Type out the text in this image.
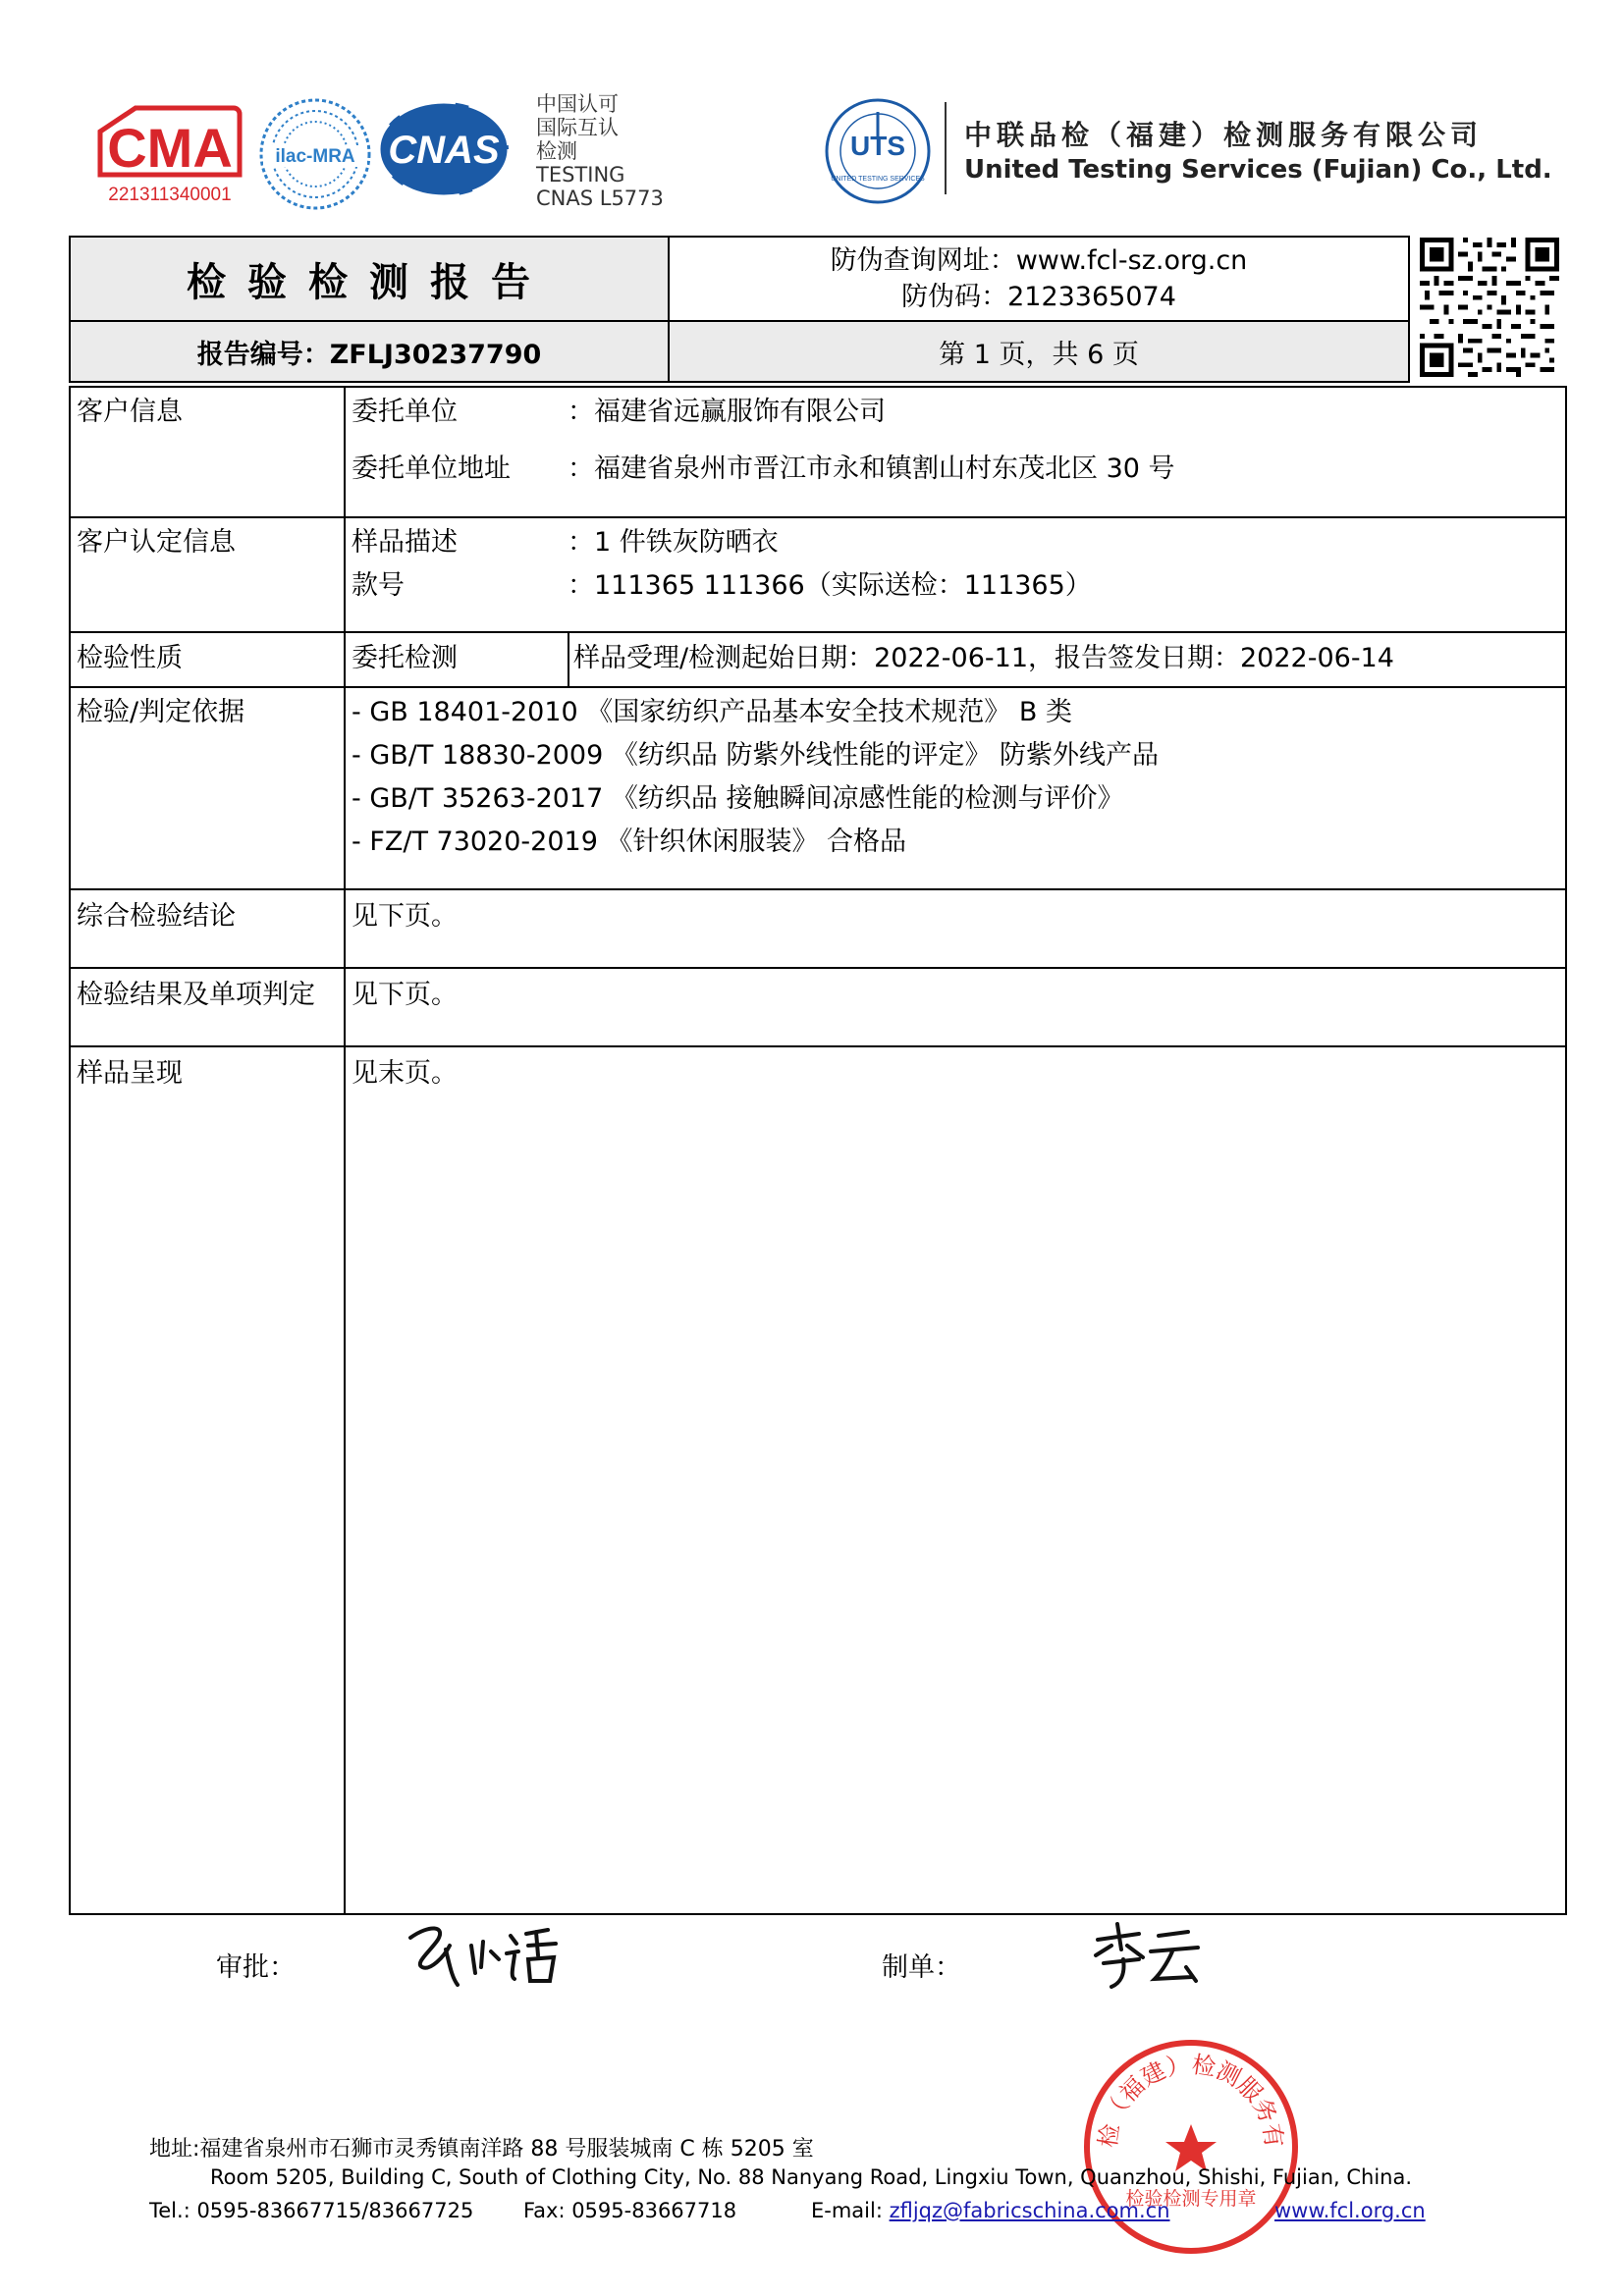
CMA
221311340001
ilac-MRA CNAS
中国认可
国际互认
检测
TESTING
CNAS L5773
UTS
UNITED TESTING SERVICES
中联品检（福建）检测服务有限公司
United Testing Services (Fujian) Co., Ltd.
检验检测报告	防伪查询网址：www.fcl-sz.org.cn
防伪码：2123365074
报告编号：ZFLJ30237790	第 1 页，共 6 页
客户信息	委托单位	：福建省远赢服饰有限公司
委托单位地址 ：福建省泉州市晋江市永和镇割山村东茂北区 30 号
客户认定信息	样品描述	：1 件铁灰防晒衣
款号	：111365 111366（实际送检：111365）
检验性质	委托检测	样品受理/检测起始日期：2022-06-11，报告签发日期：2022-06-14
检验/判定依据	- GB 18401-2010 《国家纺织产品基本安全技术规范》 B 类
- GB/T 18830-2009 《纺织品 防紫外线性能的评定》 防紫外线产品
- GB/T 35263-2017 《纺织品 接触瞬间凉感性能的检测与评价》
- FZ/T 73020-2019 《针织休闲服装》 合格品
综合检验结论	见下页。
检验结果及单项判定 见下页。
样品呈现	见末页。
审批：	制单：
检（福建）检测服务有
检验检测专用章
地址:福建省泉州市石狮市灵秀镇南洋路 88 号服装城南 C 栋 5205 室
Room 5205, Building C, South of Clothing City, No. 88 Nanyang Road, Lingxiu Town, Quanzhou, Shishi, Fujian, China.
Tel.: 0595-83667715/83667725 Fax: 0595-83667718	E-mail: zfljqz@fabricschina.com.cn	www.fcl.org.cn
